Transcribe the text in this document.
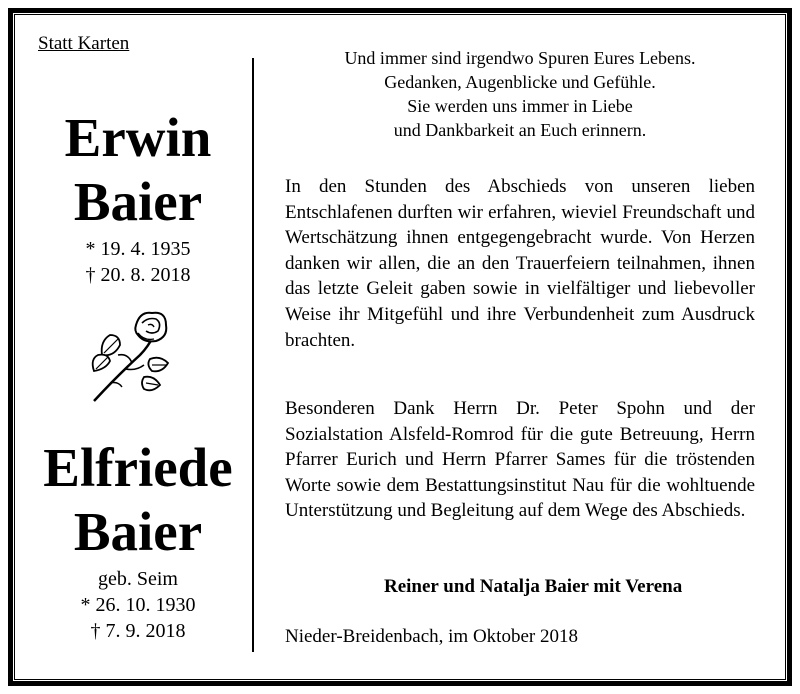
Statt Karten
Erwin
Baier
* 19. 4. 1935
† 20. 8. 2018
Elfriede
Baier
geb. Seim
* 26. 10. 1930
† 7. 9. 2018
Und immer sind irgendwo Spuren Eures Lebens.
Gedanken, Augenblicke und Gefühle.
Sie werden uns immer in Liebe
und Dankbarkeit an Euch erinnern.
In den Stunden des Abschieds von unseren lieben Entschlafenen durften wir erfahren, wieviel Freundschaft und Wertschätzung ihnen entgegengebracht wurde. Von Herzen danken wir allen, die an den Trauerfeiern teilnahmen, ihnen das letzte Geleit gaben sowie in vielfältiger und liebevoller Weise ihr Mitgefühl und ihre Verbundenheit zum Ausdruck brachten.
Besonderen Dank Herrn Dr. Peter Spohn und der Sozialstation Alsfeld-Romrod für die gute Betreuung, Herrn Pfarrer Eurich und Herrn Pfarrer Sames für die tröstenden Worte sowie dem Bestattungsinstitut Nau für die wohltuende Unterstützung und Begleitung auf dem Wege des Abschieds.
Reiner und Natalja Baier mit Verena
Nieder-Breidenbach, im Oktober 2018
